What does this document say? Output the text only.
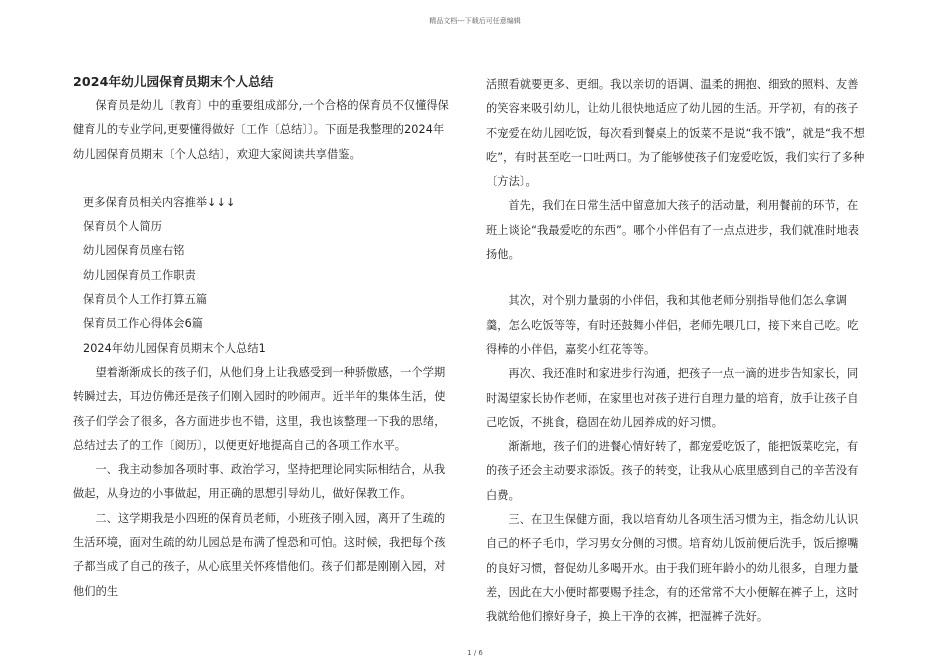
精品文档---下载后可任意编辑
2024年幼儿园保育员期末个人总结

保育员是幼儿〔教育〕中的重要组成部分,一个合格的保育员不仅懂得保健育儿的专业学问,更要懂得做好〔工作〔总结〕〕。下面是我整理的2024年幼儿园保育员期末〔个人总结〕，欢迎大家阅读共享借鉴。

更多保育员相关内容推举↓↓↓

保育员个人简历

幼儿园保育员座右铭

幼儿园保育员工作职责

保育员个人工作打算五篇

保育员工作心得体会6篇

2024年幼儿园保育员期末个人总结1

望着渐渐成长的孩子们，从他们身上让我感受到一种骄傲感，一个学期转瞬过去，耳边仿佛还是孩子们刚入园时的吵闹声。近半年的集体生活，使孩子们学会了很多，各方面进步也不错，这里，我也该整理一下我的思绪，总结过去了的工作〔阅历〕，以便更好地提高自己的各项工作水平。

一、我主动参加各项时事、政治学习，坚持把理论同实际相结合，从我做起，从身边的小事做起，用正确的思想引导幼儿，做好保教工作。

二、这学期我是小四班的保育员老师，小班孩子刚入园，离开了生疏的生活环境，面对生疏的幼儿园总是布满了惶恐和可怕。这时候，我把每个孩子都当成了自己的孩子，从心底里关怀疼惜他们。孩子们都是刚刚入园，对他们的生

活照看就要更多、更细。我以亲切的语调、温柔的拥抱、细致的照料、友善的笑容来吸引幼儿，让幼儿很快地适应了幼儿园的生活。开学初，有的孩子不宠爱在幼儿园吃饭，每次看到餐桌上的饭菜不是说“我不饿”，就是“我不想吃”，有时甚至吃一口吐两口。为了能够使孩子们宠爱吃饭，我们实行了多种〔方法〕。

首先，我们在日常生活中留意加大孩子的活动量，利用餐前的环节，在班上谈论“我最爱吃的东西”。哪个小伴侣有了一点点进步，我们就准时地表扬他。

其次，对个别力量弱的小伴侣，我和其他老师分别指导他们怎么拿调羹，怎么吃饭等等，有时还鼓舞小伴侣，老师先喂几口，接下来自己吃。吃得棒的小伴侣，嘉奖小红花等等。

再次、我还准时和家进步行沟通，把孩子一点一滴的进步告知家长，同时渴望家长协作老师，在家里也对孩子进行自理力量的培育，放手让孩子自己吃饭，不挑食，稳固在幼儿园养成的好习惯。

渐渐地，孩子们的进餐心情好转了，都宠爱吃饭了，能把饭菜吃完，有的孩子还会主动要求添饭。孩子的转变，让我从心底里感到自己的辛苦没有白费。

三、在卫生保健方面，我以培育幼儿各项生活习惯为主，指念幼儿认识自己的杯子毛巾，学习男女分侧的习惯。培育幼儿饭前便后洗手，饭后擦嘴的良好习惯，督促幼儿多喝开水。由于我们班年龄小的幼儿很多，自理力量差，因此在大小便时都要赐予挂念，有的还常常不大小便解在裤子上，这时我就给他们擦好身子，换上干净的衣裤，把湿裤子洗好。

1 / 6
